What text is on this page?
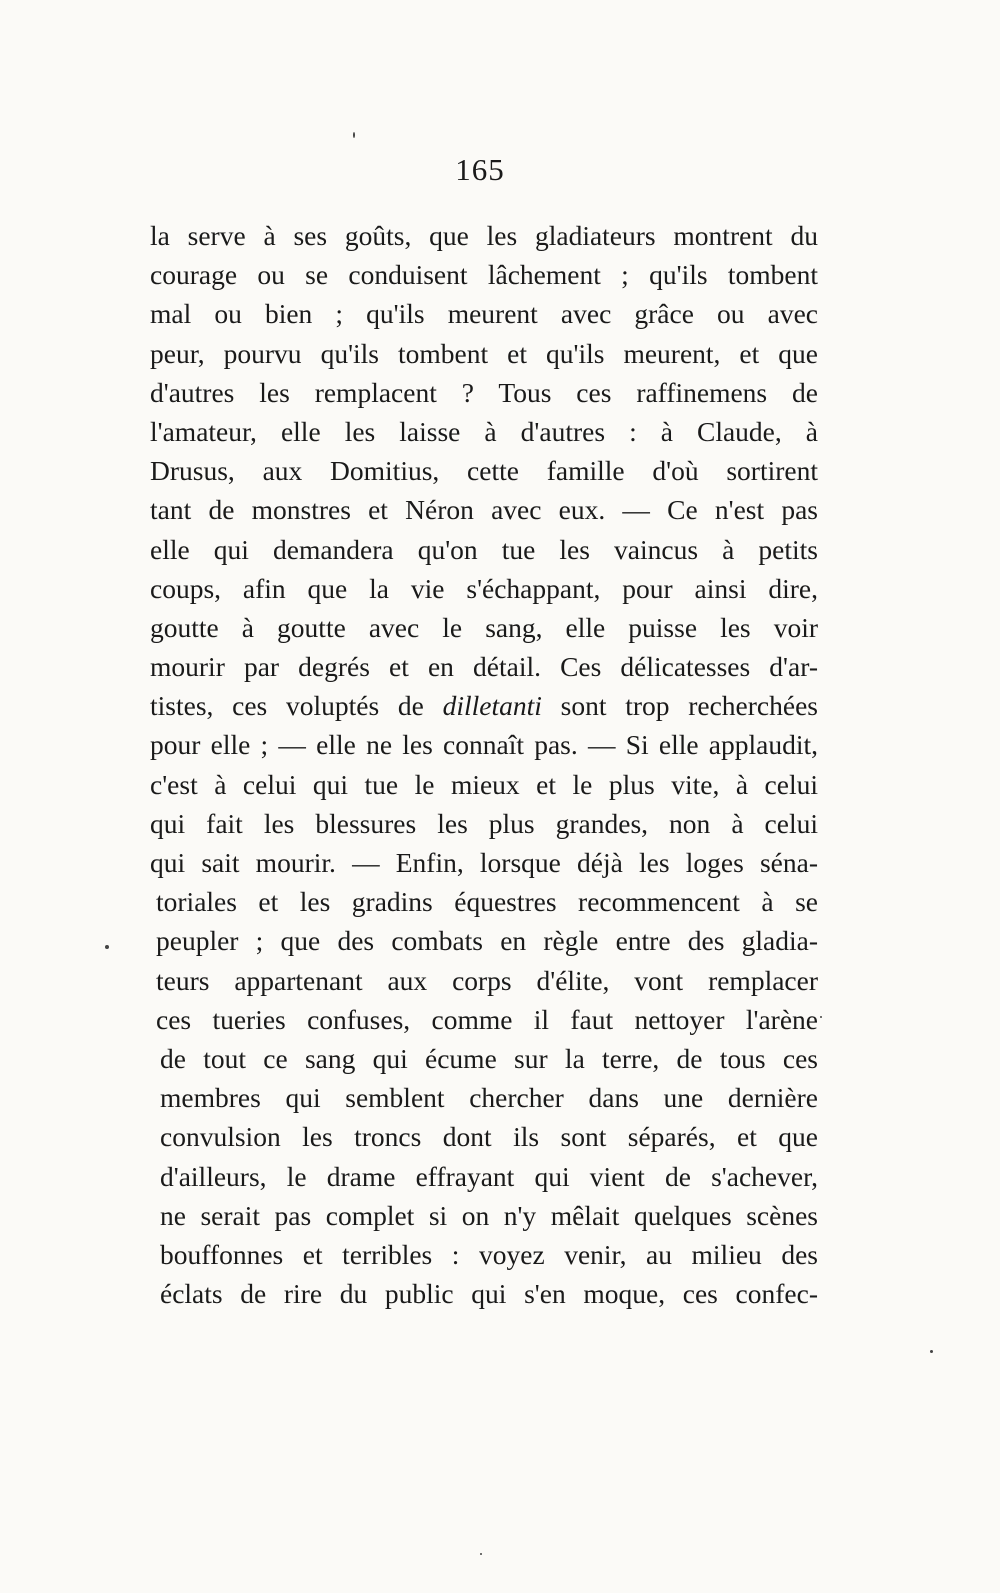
165
la serve à ses goûts, que les gladiateurs montrent du
courage ou se conduisent lâchement ; qu'ils tombent
mal ou bien ; qu'ils meurent avec grâce ou avec
peur, pourvu qu'ils tombent et qu'ils meurent, et que
d'autres les remplacent ? Tous ces raffinemens de
l'amateur, elle les laisse à d'autres : à Claude, à
Drusus, aux Domitius, cette famille d'où sortirent
tant de monstres et Néron avec eux. — Ce n'est pas
elle qui demandera qu'on tue les vaincus à petits
coups, afin que la vie s'échappant, pour ainsi dire,
goutte à goutte avec le sang, elle puisse les voir
mourir par degrés et en détail. Ces délicatesses d'ar-
tistes, ces voluptés de dilletanti sont trop recherchées
pour elle ; — elle ne les connaît pas. — Si elle applaudit,
c'est à celui qui tue le mieux et le plus vite, à celui
qui fait les blessures les plus grandes, non à celui
qui sait mourir. — Enfin, lorsque déjà les loges séna-
toriales et les gradins équestres recommencent à se
peupler ; que des combats en règle entre des gladia-
teurs appartenant aux corps d'élite, vont remplacer
ces tueries confuses, comme il faut nettoyer l'arène
de tout ce sang qui écume sur la terre, de tous ces
membres qui semblent chercher dans une dernière
convulsion les troncs dont ils sont séparés, et que
d'ailleurs, le drame effrayant qui vient de s'achever,
ne serait pas complet si on n'y mêlait quelques scènes
bouffonnes et terribles : voyez venir, au milieu des
éclats de rire du public qui s'en moque, ces confec-
